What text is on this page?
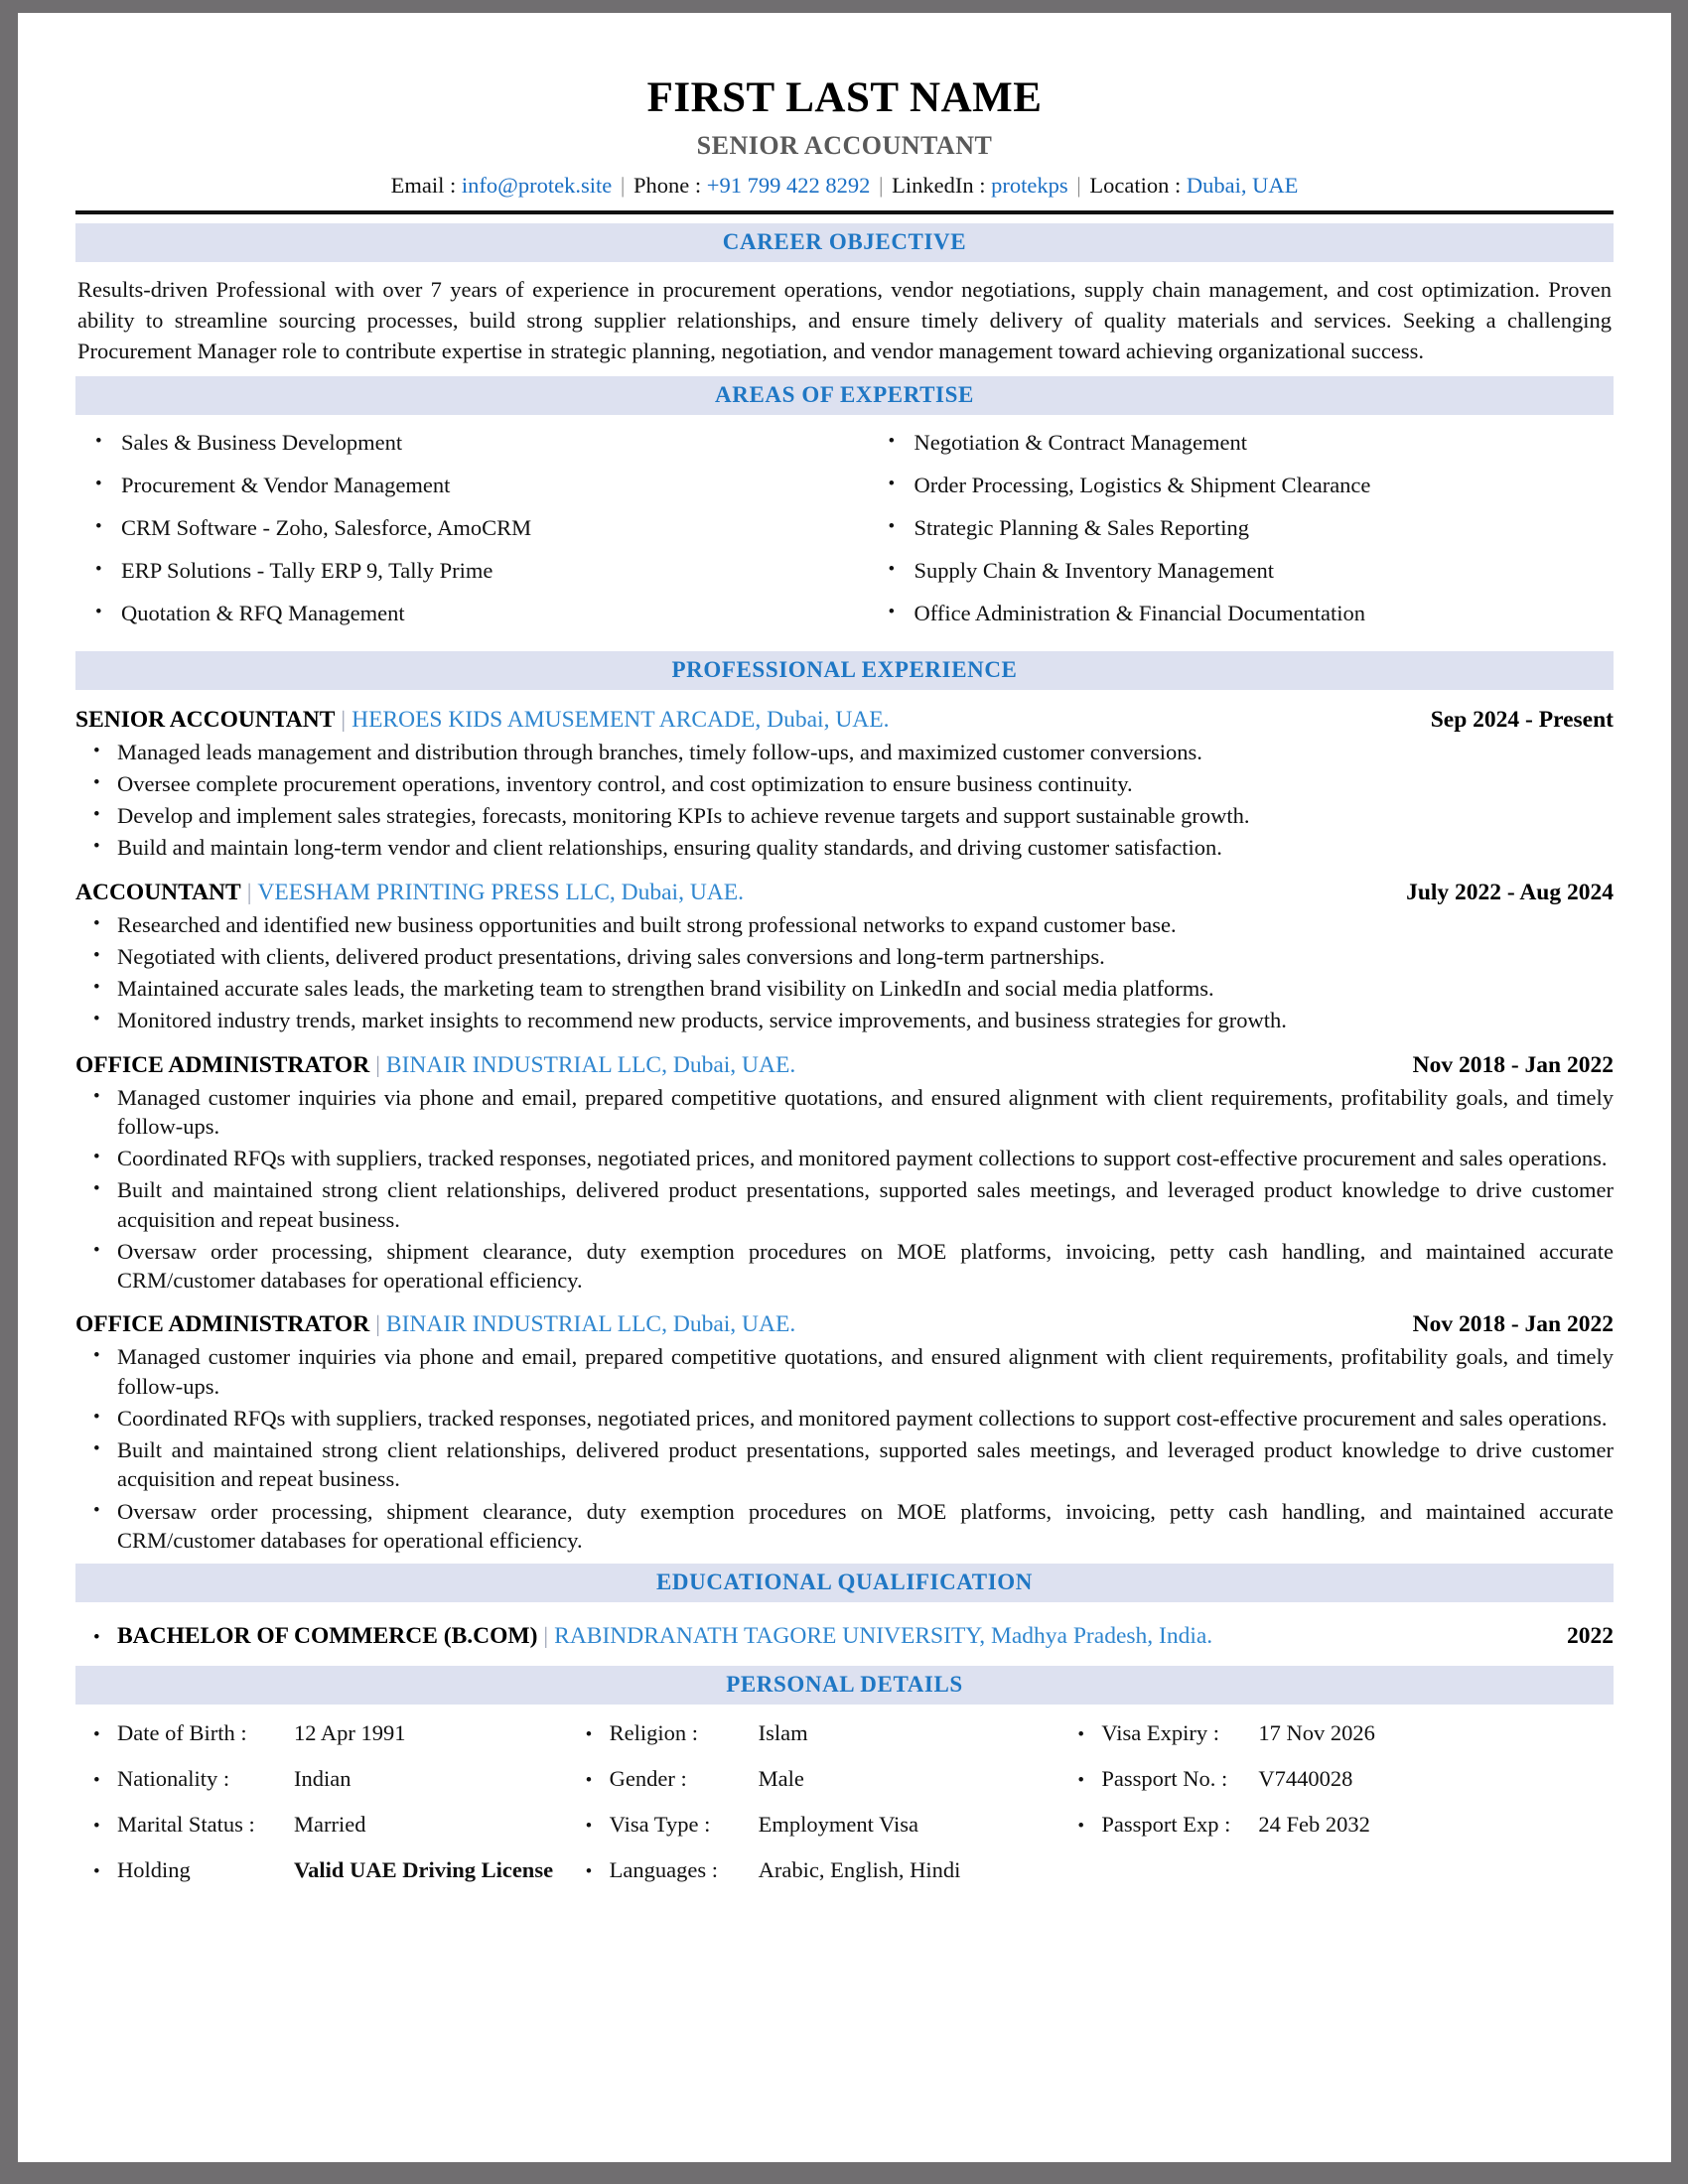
FIRST LAST NAME
SENIOR ACCOUNTANT
Email : info@protek.site | Phone : +91 799 422 8292 | LinkedIn : protekps | Location : Dubai, UAE
CAREER OBJECTIVE
Results-driven Professional with over 7 years of experience in procurement operations, vendor negotiations, supply chain management, and cost optimization. Proven ability to streamline sourcing processes, build strong supplier relationships, and ensure timely delivery of quality materials and services. Seeking a challenging Procurement Manager role to contribute expertise in strategic planning, negotiation, and vendor management toward achieving organizational success.
AREAS OF EXPERTISE
• Sales & Business Development
• Procurement & Vendor Management
• CRM Software - Zoho, Salesforce, AmoCRM
• ERP Solutions - Tally ERP 9, Tally Prime
• Quotation & RFQ Management
• Negotiation & Contract Management
• Order Processing, Logistics & Shipment Clearance
• Strategic Planning & Sales Reporting
• Supply Chain & Inventory Management
• Office Administration & Financial Documentation
PROFESSIONAL EXPERIENCE
SENIOR ACCOUNTANT | HEROES KIDS AMUSEMENT ARCADE, Dubai, UAE.	Sep 2024 - Present
• Managed leads management and distribution through branches, timely follow-ups, and maximized customer conversions.
• Oversee complete procurement operations, inventory control, and cost optimization to ensure business continuity.
• Develop and implement sales strategies, forecasts, monitoring KPIs to achieve revenue targets and support sustainable growth.
• Build and maintain long-term vendor and client relationships, ensuring quality standards, and driving customer satisfaction.
ACCOUNTANT | VEESHAM PRINTING PRESS LLC, Dubai, UAE.	July 2022 - Aug 2024
• Researched and identified new business opportunities and built strong professional networks to expand customer base.
• Negotiated with clients, delivered product presentations, driving sales conversions and long-term partnerships.
• Maintained accurate sales leads, the marketing team to strengthen brand visibility on LinkedIn and social media platforms.
• Monitored industry trends, market insights to recommend new products, service improvements, and business strategies for growth.
OFFICE ADMINISTRATOR | BINAIR INDUSTRIAL LLC, Dubai, UAE.	Nov 2018 - Jan 2022
• Managed customer inquiries via phone and email, prepared competitive quotations, and ensured alignment with client requirements, profitability goals, and timely follow-ups.
• Coordinated RFQs with suppliers, tracked responses, negotiated prices, and monitored payment collections to support cost-effective procurement and sales operations.
• Built and maintained strong client relationships, delivered product presentations, supported sales meetings, and leveraged product knowledge to drive customer acquisition and repeat business.
• Oversaw order processing, shipment clearance, duty exemption procedures on MOE platforms, invoicing, petty cash handling, and maintained accurate CRM/customer databases for operational efficiency.
OFFICE ADMINISTRATOR | BINAIR INDUSTRIAL LLC, Dubai, UAE.	Nov 2018 - Jan 2022
• Managed customer inquiries via phone and email, prepared competitive quotations, and ensured alignment with client requirements, profitability goals, and timely follow-ups.
• Coordinated RFQs with suppliers, tracked responses, negotiated prices, and monitored payment collections to support cost-effective procurement and sales operations.
• Built and maintained strong client relationships, delivered product presentations, supported sales meetings, and leveraged product knowledge to drive customer acquisition and repeat business.
• Oversaw order processing, shipment clearance, duty exemption procedures on MOE platforms, invoicing, petty cash handling, and maintained accurate CRM/customer databases for operational efficiency.
EDUCATIONAL QUALIFICATION
• BACHELOR OF COMMERCE (B.COM) | RABINDRANATH TAGORE UNIVERSITY, Madhya Pradesh, India.	2022
PERSONAL DETAILS
• Date of Birth :	12 Apr 1991
• Nationality :	Indian
• Marital Status :	Married
• Holding	Valid UAE Driving License
• Religion :	Islam
• Gender :	Male
• Visa Type :	Employment Visa
• Languages :	Arabic, English, Hindi
• Visa Expiry :	17 Nov 2026
• Passport No. :	V7440028
• Passport Exp :	24 Feb 2032
